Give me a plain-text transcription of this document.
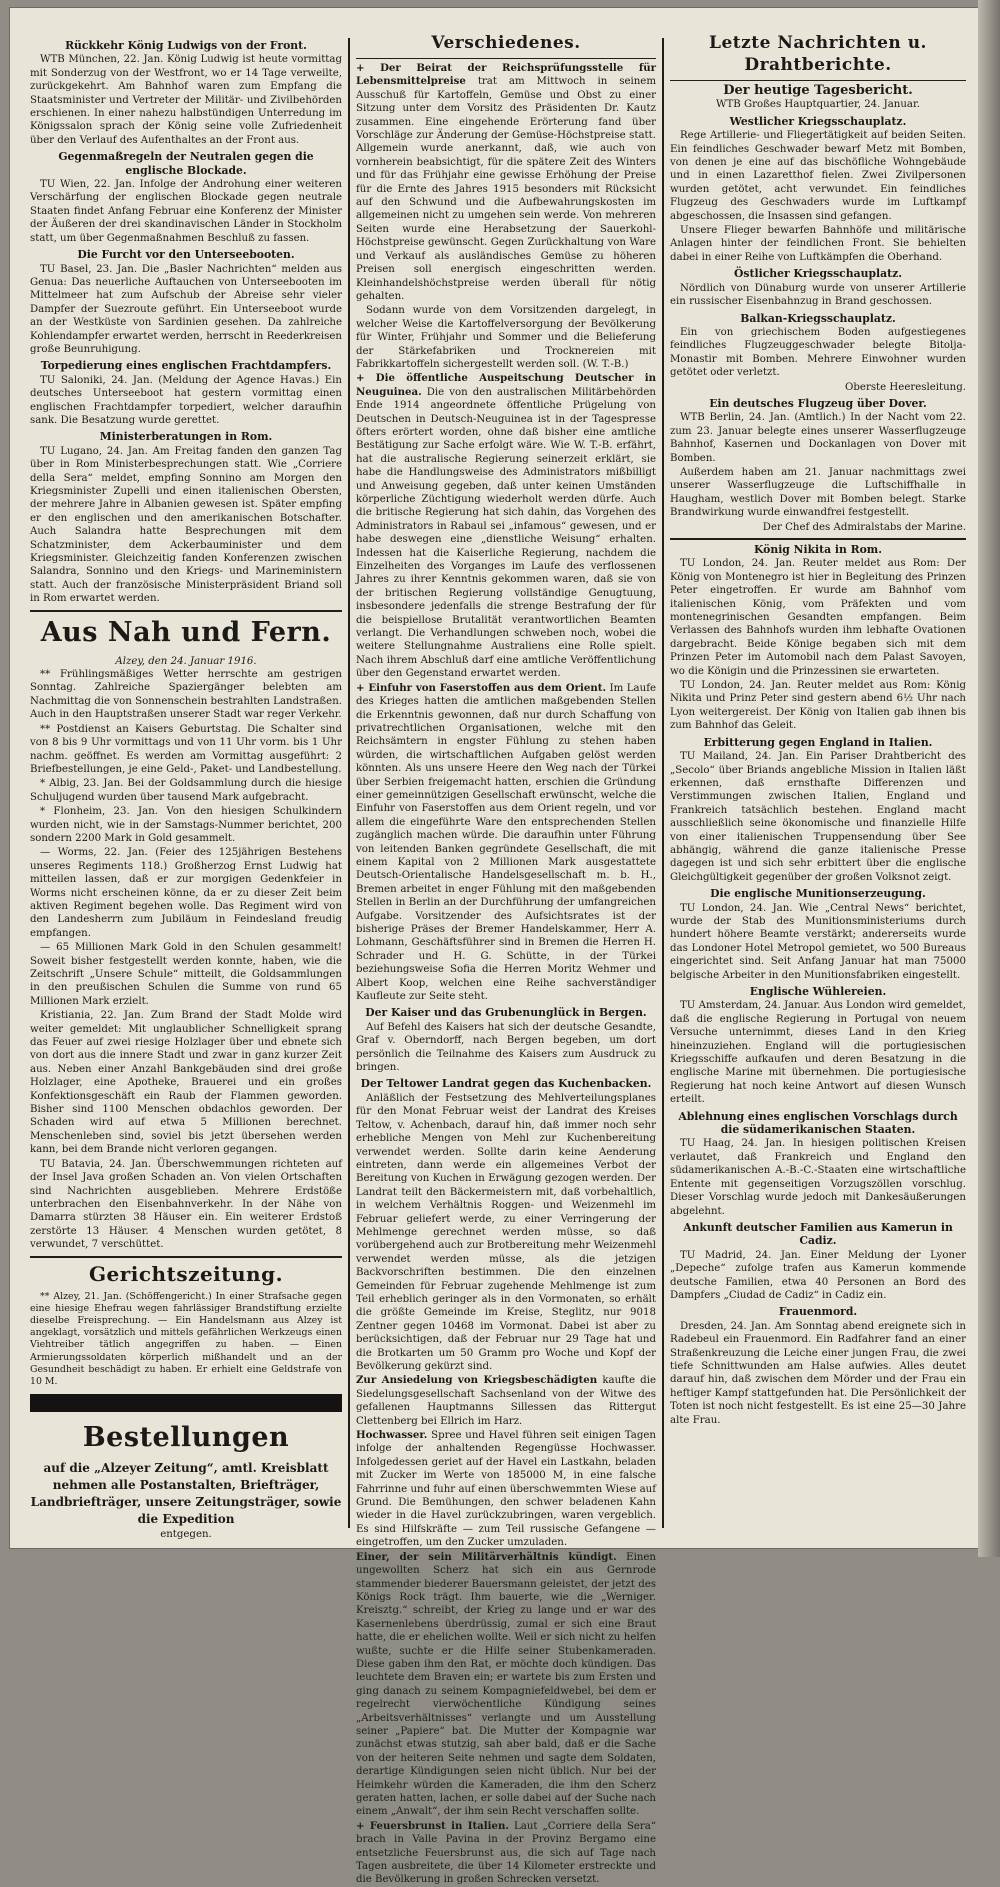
Rückkehr König Ludwigs von der Front.

WTB München, 22. Jan. König Ludwig ist heute vormittag mit Sonderzug von der Westfront, wo er 14 Tage verweilte, zurückgekehrt. Am Bahnhof waren zum Empfang die Staatsminister und Vertreter der Militär- und Zivilbehörden erschienen. In einer nahezu halbstündigen Unterredung im Königssalon sprach der König seine volle Zufriedenheit über den Verlauf des Aufenthaltes an der Front aus.

Gegenmaßregeln der Neutralen gegen die englische Blockade.

TU Wien, 22. Jan. Infolge der Androhung einer weiteren Verschärfung der englischen Blockade gegen neutrale Staaten findet Anfang Februar eine Konferenz der Minister der Äußeren der drei skandinavischen Länder in Stockholm statt, um über Gegenmaßnahmen Beschluß zu fassen.

Die Furcht vor den Unterseebooten.

TU Basel, 23. Jan. Die „Basler Nachrichten“ melden aus Genua: Das neuerliche Auftauchen von Unterseebooten im Mittelmeer hat zum Aufschub der Abreise sehr vieler Dampfer der Suezroute geführt. Ein Unterseeboot wurde an der Westküste von Sardinien gesehen. Da zahlreiche Kohlendampfer erwartet werden, herrscht in Reederkreisen große Beunruhigung.

Torpedierung eines englischen Frachtdampfers.

TU Saloniki, 24. Jan. (Meldung der Agence Havas.) Ein deutsches Unterseeboot hat gestern vormittag einen englischen Frachtdampfer torpediert, welcher daraufhin sank. Die Besatzung wurde gerettet.

Ministerberatungen in Rom.

TU Lugano, 24. Jan. Am Freitag fanden den ganzen Tag über in Rom Ministerbesprechungen statt. Wie „Corriere della Sera“ meldet, empfing Sonnino am Morgen den Kriegsminister Zupelli und einen italienischen Obersten, der mehrere Jahre in Albanien gewesen ist. Später empfing er den englischen und den amerikanischen Botschafter. Auch Salandra hatte Besprechungen mit dem Schatzminister, dem Ackerbauminister und dem Kriegsminister. Gleichzeitig fanden Konferenzen zwischen Salandra, Sonnino und den Kriegs- und Marineministern statt. Auch der französische Ministerpräsident Briand soll in Rom erwartet werden.

Aus Nah und Fern.
Alzey, den 24. Januar 1916.

** Frühlingsmäßiges Wetter herrschte am gestrigen Sonntag. Zahlreiche Spaziergänger belebten am Nachmittag die von Sonnenschein bestrahlten Landstraßen. Auch in den Hauptstraßen unserer Stadt war reger Verkehr.

** Postdienst an Kaisers Geburtstag. Die Schalter sind von 8 bis 9 Uhr vormittags und von 11 Uhr vorm. bis 1 Uhr nachm. geöffnet. Es werden am Vormittag ausgeführt: 2 Briefbestellungen, je eine Geld-, Paket- und Landbestellung.

* Albig, 23. Jan. Bei der Goldsammlung durch die hiesige Schuljugend wurden über tausend Mark aufgebracht.

* Flonheim, 23. Jan. Von den hiesigen Schulkindern wurden nicht, wie in der Samstags-Nummer berichtet, 200 sondern 2200 Mark in Gold gesammelt.

— Worms, 22. Jan. (Feier des 125jährigen Bestehens unseres Regiments 118.) Großherzog Ernst Ludwig hat mitteilen lassen, daß er zur morgigen Gedenkfeier in Worms nicht erscheinen könne, da er zu dieser Zeit beim aktiven Regiment begehen wolle. Das Regiment wird von den Landesherrn zum Jubiläum in Feindesland freudig empfangen.

— 65 Millionen Mark Gold in den Schulen gesammelt! Soweit bisher festgestellt werden konnte, haben, wie die Zeitschrift „Unsere Schule“ mitteilt, die Goldsammlungen in den preußischen Schulen die Summe von rund 65 Millionen Mark erzielt.

Kristiania, 22. Jan. Zum Brand der Stadt Molde wird weiter gemeldet: Mit unglaublicher Schnelligkeit sprang das Feuer auf zwei riesige Holzlager über und ebnete sich von dort aus die innere Stadt und zwar in ganz kurzer Zeit aus. Neben einer Anzahl Bankgebäuden sind drei große Holzlager, eine Apotheke, Brauerei und ein großes Konfektionsgeschäft ein Raub der Flammen geworden. Bisher sind 1100 Menschen obdachlos geworden. Der Schaden wird auf etwa 5 Millionen berechnet. Menschenleben sind, soviel bis jetzt übersehen werden kann, bei dem Brande nicht verloren gegangen.

TU Batavia, 24. Jan. Überschwemmungen richteten auf der Insel Java großen Schaden an. Von vielen Ortschaften sind Nachrichten ausgeblieben. Mehrere Erdstöße unterbrachen den Eisenbahnverkehr. In der Nähe von Damarra stürzten 38 Häuser ein. Ein weiterer Erdstoß zerstörte 13 Häuser. 4 Menschen wurden getötet, 8 verwundet, 7 verschüttet.

Gerichtszeitung.

** Alzey, 21. Jan. (Schöffengericht.) In einer Strafsache gegen eine hiesige Ehefrau wegen fahrlässiger Brandstiftung erzielte dieselbe Freisprechung. — Ein Handelsmann aus Alzey ist angeklagt, vorsätzlich und mittels gefährlichen Werkzeugs einen Viehtreiber tätlich angegriffen zu haben. — Einen Armierungssoldaten körperlich mißhandelt und an der Gesundheit beschädigt zu haben. Er erhielt eine Geldstrafe von 10 M.

Bestellungen
auf die „Alzeyer Zeitung“, amtl. Kreisblatt nehmen alle Postanstalten, Briefträger, Landbriefträger, unsere Zeitungsträger, sowie die Expedition
entgegen.
Verschiedenes.

+ Der Beirat der Reichsprüfungsstelle für Lebensmittelpreise trat am Mittwoch in seinem Ausschuß für Kartoffeln, Gemüse und Obst zu einer Sitzung unter dem Vorsitz des Präsidenten Dr. Kautz zusammen. Eine eingehende Erörterung fand über Vorschläge zur Änderung der Gemüse-Höchstpreise statt. Allgemein wurde anerkannt, daß, wie auch von vornherein beabsichtigt, für die spätere Zeit des Winters und für das Frühjahr eine gewisse Erhöhung der Preise für die Ernte des Jahres 1915 besonders mit Rücksicht auf den Schwund und die Aufbewahrungskosten im allgemeinen nicht zu umgehen sein werde. Von mehreren Seiten wurde eine Herabsetzung der Sauerkohl-Höchstpreise gewünscht. Gegen Zurückhaltung von Ware und Verkauf als ausländisches Gemüse zu höheren Preisen soll energisch eingeschritten werden. Kleinhandelshöchstpreise werden überall für nötig gehalten.

Sodann wurde von dem Vorsitzenden dargelegt, in welcher Weise die Kartoffelversorgung der Bevölkerung für Winter, Frühjahr und Sommer und die Belieferung der Stärkefabriken und Trocknereien mit Fabrikkartoffeln sichergestellt werden soll. (W. T.-B.)

+ Die öffentliche Auspeitschung Deutscher in Neuguinea. Die von den australischen Militärbehörden Ende 1914 angeordnete öffentliche Prügelung von Deutschen in Deutsch-Neuguinea ist in der Tagespresse öfters erörtert worden, ohne daß bisher eine amtliche Bestätigung zur Sache erfolgt wäre. Wie W. T.-B. erfährt, hat die australische Regierung seinerzeit erklärt, sie habe die Handlungsweise des Administrators mißbilligt und Anweisung gegeben, daß unter keinen Umständen körperliche Züchtigung wiederholt werden dürfe. Auch die britische Regierung hat sich dahin, das Vorgehen des Administrators in Rabaul sei „infamous“ gewesen, und er habe deswegen eine „dienstliche Weisung“ erhalten. Indessen hat die Kaiserliche Regierung, nachdem die Einzelheiten des Vorganges im Laufe des verflossenen Jahres zu ihrer Kenntnis gekommen waren, daß sie von der britischen Regierung vollständige Genugtuung, insbesondere jedenfalls die strenge Bestrafung der für die beispiellose Brutalität verantwortlichen Beamten verlangt. Die Verhandlungen schweben noch, wobei die weitere Stellungnahme Australiens eine Rolle spielt. Nach ihrem Abschluß darf eine amtliche Veröffentlichung über den Gegenstand erwartet werden.

+ Einfuhr von Faserstoffen aus dem Orient. Im Laufe des Krieges hatten die amtlichen maßgebenden Stellen die Erkenntnis gewonnen, daß nur durch Schaffung von privatrechtlichen Organisationen, welche mit den Reichsämtern in engster Fühlung zu stehen haben würden, die wirtschaftlichen Aufgaben gelöst werden könnten. Als uns unsere Heere den Weg nach der Türkei über Serbien freigemacht hatten, erschien die Gründung einer gemeinnützigen Gesellschaft erwünscht, welche die Einfuhr von Faserstoffen aus dem Orient regeln, und vor allem die eingeführte Ware den entsprechenden Stellen zugänglich machen würde. Die daraufhin unter Führung von leitenden Banken gegründete Gesellschaft, die mit einem Kapital von 2 Millionen Mark ausgestattete Deutsch-Orientalische Handelsgesellschaft m. b. H., Bremen arbeitet in enger Fühlung mit den maßgebenden Stellen in Berlin an der Durchführung der umfangreichen Aufgabe. Vorsitzender des Aufsichtsrates ist der bisherige Präses der Bremer Handelskammer, Herr A. Lohmann, Geschäftsführer sind in Bremen die Herren H. Schrader und H. G. Schütte, in der Türkei beziehungsweise Sofia die Herren Moritz Wehmer und Albert Koop, welchen eine Reihe sachverständiger Kaufleute zur Seite steht.

Der Kaiser und das Grubenunglück in Bergen.

Auf Befehl des Kaisers hat sich der deutsche Gesandte, Graf v. Oberndorff, nach Bergen begeben, um dort persönlich die Teilnahme des Kaisers zum Ausdruck zu bringen.

Der Teltower Landrat gegen das Kuchenbacken.

Anläßlich der Festsetzung des Mehlverteilungsplanes für den Monat Februar weist der Landrat des Kreises Teltow, v. Achenbach, darauf hin, daß immer noch sehr erhebliche Mengen von Mehl zur Kuchenbereitung verwendet werden. Sollte darin keine Aenderung eintreten, dann werde ein allgemeines Verbot der Bereitung von Kuchen in Erwägung gezogen werden. Der Landrat teilt den Bäckermeistern mit, daß vorbehaltlich, in welchem Verhältnis Roggen- und Weizenmehl im Februar geliefert werde, zu einer Verringerung der Mehlmenge gerechnet werden müsse, so daß vorübergehend auch zur Brotbereitung mehr Weizenmehl verwendet werden müsse, als die jetzigen Backvorschriften bestimmen. Die den einzelnen Gemeinden für Februar zugehende Mehlmenge ist zum Teil erheblich geringer als in den Vormonaten, so erhält die größte Gemeinde im Kreise, Steglitz, nur 9018 Zentner gegen 10468 im Vormonat. Dabei ist aber zu berücksichtigen, daß der Februar nur 29 Tage hat und die Brotkarten um 50 Gramm pro Woche und Kopf der Bevölkerung gekürzt sind.

Zur Ansiedelung von Kriegsbeschädigten kaufte die Siedelungsgesellschaft Sachsenland von der Witwe des gefallenen Hauptmanns Sillessen das Rittergut Clettenberg bei Ellrich im Harz.

Hochwasser. Spree und Havel führen seit einigen Tagen infolge der anhaltenden Regengüsse Hochwasser. Infolgedessen geriet auf der Havel ein Lastkahn, beladen mit Zucker im Werte von 185000 M, in eine falsche Fahrrinne und fuhr auf einen überschwemmten Wiese auf Grund. Die Bemühungen, den schwer beladenen Kahn wieder in die Havel zurückzubringen, waren vergeblich. Es sind Hilfskräfte — zum Teil russische Gefangene — eingetroffen, um den Zucker umzuladen.

Einer, der sein Militärverhältnis kündigt. Einen ungewollten Scherz hat sich ein aus Gernrode stammender biederer Bauersmann geleistet, der jetzt des Königs Rock trägt. Ihm bauerte, wie die „Werniger. Kreisztg.“ schreibt, der Krieg zu lange und er war des Kasernenlebens überdrüssig, zumal er sich eine Braut hatte, die er ehelichen wollte. Weil er sich nicht zu helfen wußte, suchte er die Hilfe seiner Stubenkameraden. Diese gaben ihm den Rat, er möchte doch kündigen. Das leuchtete dem Braven ein; er wartete bis zum Ersten und ging danach zu seinem Kompagniefeldwebel, bei dem er regelrecht vierwöchentliche Kündigung seines „Arbeitsverhältnisses“ verlangte und um Ausstellung seiner „Papiere“ bat. Die Mutter der Kompagnie war zunächst etwas stutzig, sah aber bald, daß er die Sache von der heiteren Seite nehmen und sagte dem Soldaten, derartige Kündigungen seien nicht üblich. Nur bei der Heimkehr würden die Kameraden, die ihm den Scherz geraten hatten, lachen, er solle dabei auf der Suche nach einem „Anwalt“, der ihm sein Recht verschaffen sollte.

+ Feuersbrunst in Italien. Laut „Corriere della Sera“ brach in Valle Pavina in der Provinz Bergamo eine entsetzliche Feuersbrunst aus, die sich auf Tage nach Tagen ausbreitete, die über 14 Kilometer erstreckte und die Bevölkerung in großen Schrecken versetzt.

Letzte Nachrichten u. Drahtberichte.
Der heutige Tagesbericht.
WTB Großes Hauptquartier, 24. Januar.
Westlicher Kriegsschauplatz.

Rege Artillerie- und Fliegertätigkeit auf beiden Seiten. Ein feindliches Geschwader bewarf Metz mit Bomben, von denen je eine auf das bischöfliche Wohngebäude und in einen Lazaretthof fielen. Zwei Zivilpersonen wurden getötet, acht verwundet. Ein feindliches Flugzeug des Geschwaders wurde im Luftkampf abgeschossen, die Insassen sind gefangen.

Unsere Flieger bewarfen Bahnhöfe und militärische Anlagen hinter der feindlichen Front. Sie behielten dabei in einer Reihe von Luftkämpfen die Oberhand.

Östlicher Kriegsschauplatz.

Nördlich von Dünaburg wurde von unserer Artillerie ein russischer Eisenbahnzug in Brand geschossen.

Balkan-Kriegsschauplatz.

Ein von griechischem Boden aufgestiegenes feindliches Flugzeuggeschwader belegte Bitolja-Monastir mit Bomben. Mehrere Einwohner wurden getötet oder verletzt.

Oberste Heeresleitung.
Ein deutsches Flugzeug über Dover.

WTB Berlin, 24. Jan. (Amtlich.) In der Nacht vom 22. zum 23. Januar belegte eines unserer Wasserflugzeuge Bahnhof, Kasernen und Dockanlagen von Dover mit Bomben.

Außerdem haben am 21. Januar nachmittags zwei unserer Wasserflugzeuge die Luftschiffhalle in Haugham, westlich Dover mit Bomben belegt. Starke Brandwirkung wurde einwandfrei festgestellt.

Der Chef des Admiralstabs der Marine.
König Nikita in Rom.

TU London, 24. Jan. Reuter meldet aus Rom: Der König von Montenegro ist hier in Begleitung des Prinzen Peter eingetroffen. Er wurde am Bahnhof vom italienischen König, vom Präfekten und vom montenegrinischen Gesandten empfangen. Beim Verlassen des Bahnhofs wurden ihm lebhafte Ovationen dargebracht. Beide Könige begaben sich mit dem Prinzen Peter im Automobil nach dem Palast Savoyen, wo die Königin und die Prinzessinen sie erwarteten.

TU London, 24. Jan. Reuter meldet aus Rom: König Nikita und Prinz Peter sind gestern abend 6½ Uhr nach Lyon weitergereist. Der König von Italien gab ihnen bis zum Bahnhof das Geleit.

Erbitterung gegen England in Italien.

TU Mailand, 24. Jan. Ein Pariser Drahtbericht des „Secolo“ über Briands angebliche Mission in Italien läßt erkennen, daß ernsthafte Differenzen und Verstimmungen zwischen Italien, England und Frankreich tatsächlich bestehen. England macht ausschließlich seine ökonomische und finanzielle Hilfe von einer italienischen Truppensendung über See abhängig, während die ganze italienische Presse dagegen ist und sich sehr erbittert über die englische Gleichgültigkeit gegenüber der großen Volksnot zeigt.

Die englische Munitionserzeugung.

TU London, 24. Jan. Wie „Central News“ berichtet, wurde der Stab des Munitionsministeriums durch hundert höhere Beamte verstärkt; andererseits wurde das Londoner Hotel Metropol gemietet, wo 500 Bureaus eingerichtet sind. Seit Anfang Januar hat man 75000 belgische Arbeiter in den Munitionsfabriken eingestellt.

Englische Wühlereien.

TU Amsterdam, 24. Januar. Aus London wird gemeldet, daß die englische Regierung in Portugal von neuem Versuche unternimmt, dieses Land in den Krieg hineinzuziehen. England will die portugiesischen Kriegsschiffe aufkaufen und deren Besatzung in die englische Marine mit übernehmen. Die portugiesische Regierung hat noch keine Antwort auf diesen Wunsch erteilt.

Ablehnung eines englischen Vorschlags durch die südamerikanischen Staaten.

TU Haag, 24. Jan. In hiesigen politischen Kreisen verlautet, daß Frankreich und England den südamerikanischen A.-B.-C.-Staaten eine wirtschaftliche Entente mit gegenseitigen Vorzugszöllen vorschlug. Dieser Vorschlag wurde jedoch mit Dankesäußerungen abgelehnt.

Ankunft deutscher Familien aus Kamerun in Cadiz.

TU Madrid, 24. Jan. Einer Meldung der Lyoner „Depeche“ zufolge trafen aus Kamerun kommende deutsche Familien, etwa 40 Personen an Bord des Dampfers „Ciudad de Cadiz“ in Cadiz ein.

Frauenmord.

Dresden, 24. Jan. Am Sonntag abend ereignete sich in Radebeul ein Frauenmord. Ein Radfahrer fand an einer Straßenkreuzung die Leiche einer jungen Frau, die zwei tiefe Schnittwunden am Halse aufwies. Alles deutet darauf hin, daß zwischen dem Mörder und der Frau ein heftiger Kampf stattgefunden hat. Die Persönlichkeit der Toten ist noch nicht festgestellt. Es ist eine 25—30 Jahre alte Frau.
